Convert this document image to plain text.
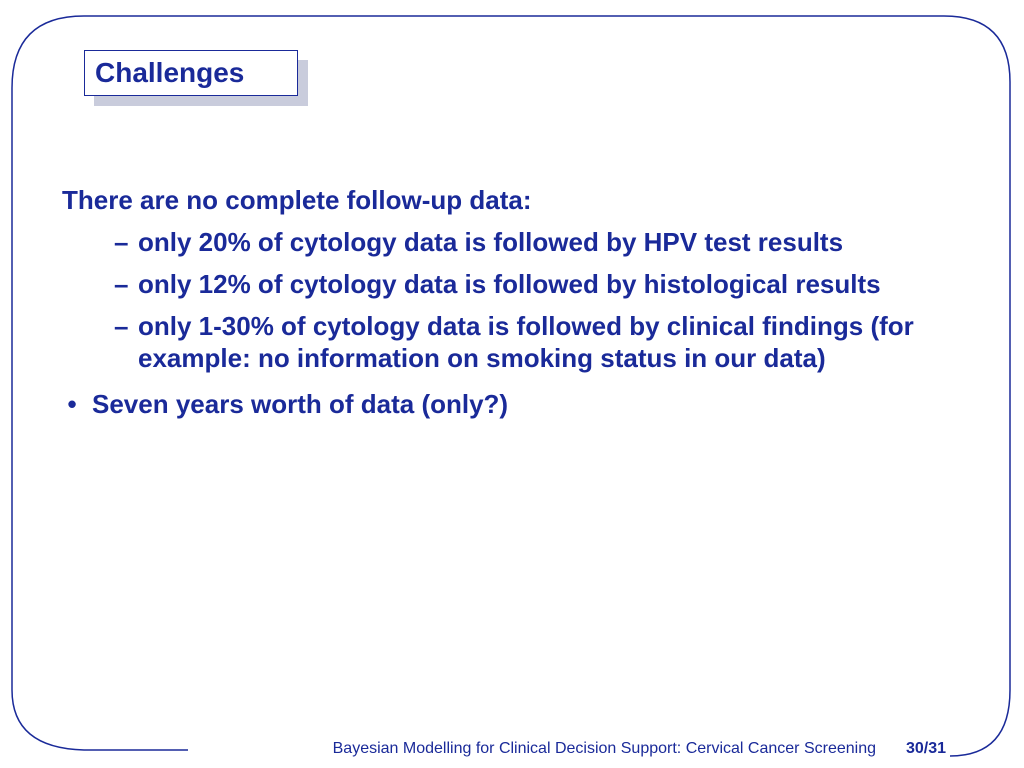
Challenges

There are no complete follow-up data:

– only 20% of cytology data is followed by HPV test results
– only 12% of cytology data is followed by histological results
– only 1-30% of cytology data is followed by clinical findings (for example: no information on smoking status in our data)
• Seven years worth of data (only?)
Bayesian Modelling for Clinical Decision Support: Cervical Cancer Screening 30/31
